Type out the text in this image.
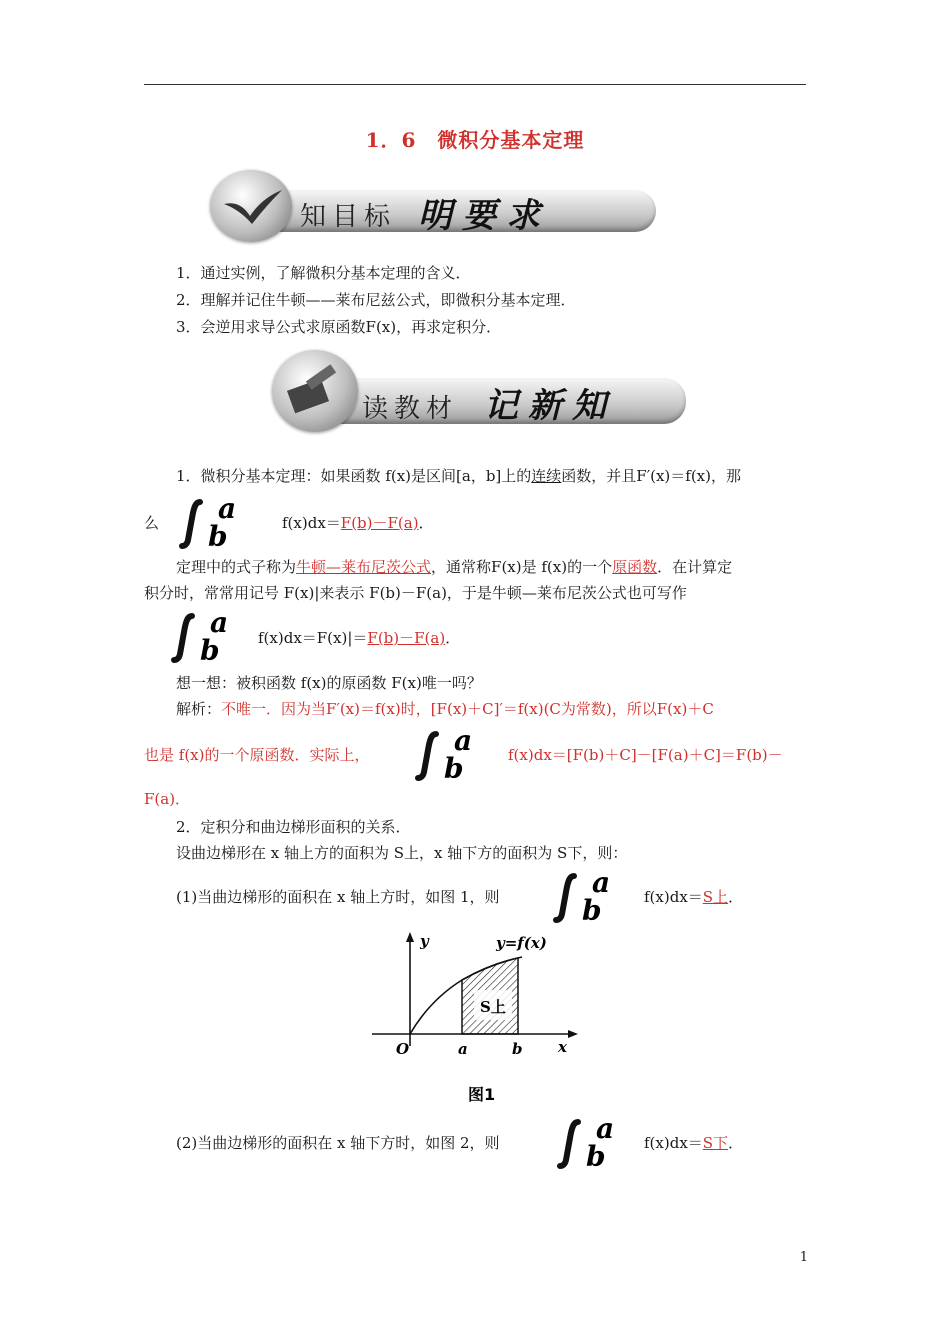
1．6　微积分基本定理
知目标 明要求
1．通过实例，了解微积分基本定理的含义．
2．理解并记住牛顿——莱布尼兹公式，即微积分基本定理．
3．会逆用求导公式求原函数F(x)，再求定积分．
读教材 记新知
1．微积分基本定理：如果函数 f(x)是区间[a，b]上的连续函数，并且F′(x)＝f(x)，那
么 a
b	f(x)dx＝F(b)－F(a)．
定理中的式子称为牛顿—莱布尼茨公式，通常称F(x)是 f(x)的一个原函数．在计算定
积分时，常常用记号 F(x)|来表示 F(b)－F(a)，于是牛顿—莱布尼茨公式也可写作
a
b	f(x)dx＝F(x)|＝F(b)－F(a)．
想一想：被积函数 f(x)的原函数 F(x)唯一吗？
解析：不唯一．因为当F′(x)＝f(x)时，[F(x)＋C]′＝f(x)(C为常数)，所以F(x)＋C
也是 f(x)的一个原函数．实际上，	a
b	f(x)dx＝[F(b)＋C]－[F(a)＋C]＝F(b)－
F(a)．
2．定积分和曲边梯形面积的关系．
设曲边梯形在 x 轴上方的面积为 S上，x 轴下方的面积为 S下，则：
(1)当曲边梯形的面积在 x 轴上方时，如图 1，则	a
b	f(x)dx＝S上．
y	y=f(x)
S上
O	a	b x
图1
(2)当曲边梯形的面积在 x 轴下方时，如图 2，则	a
b	f(x)dx＝S下．
1
